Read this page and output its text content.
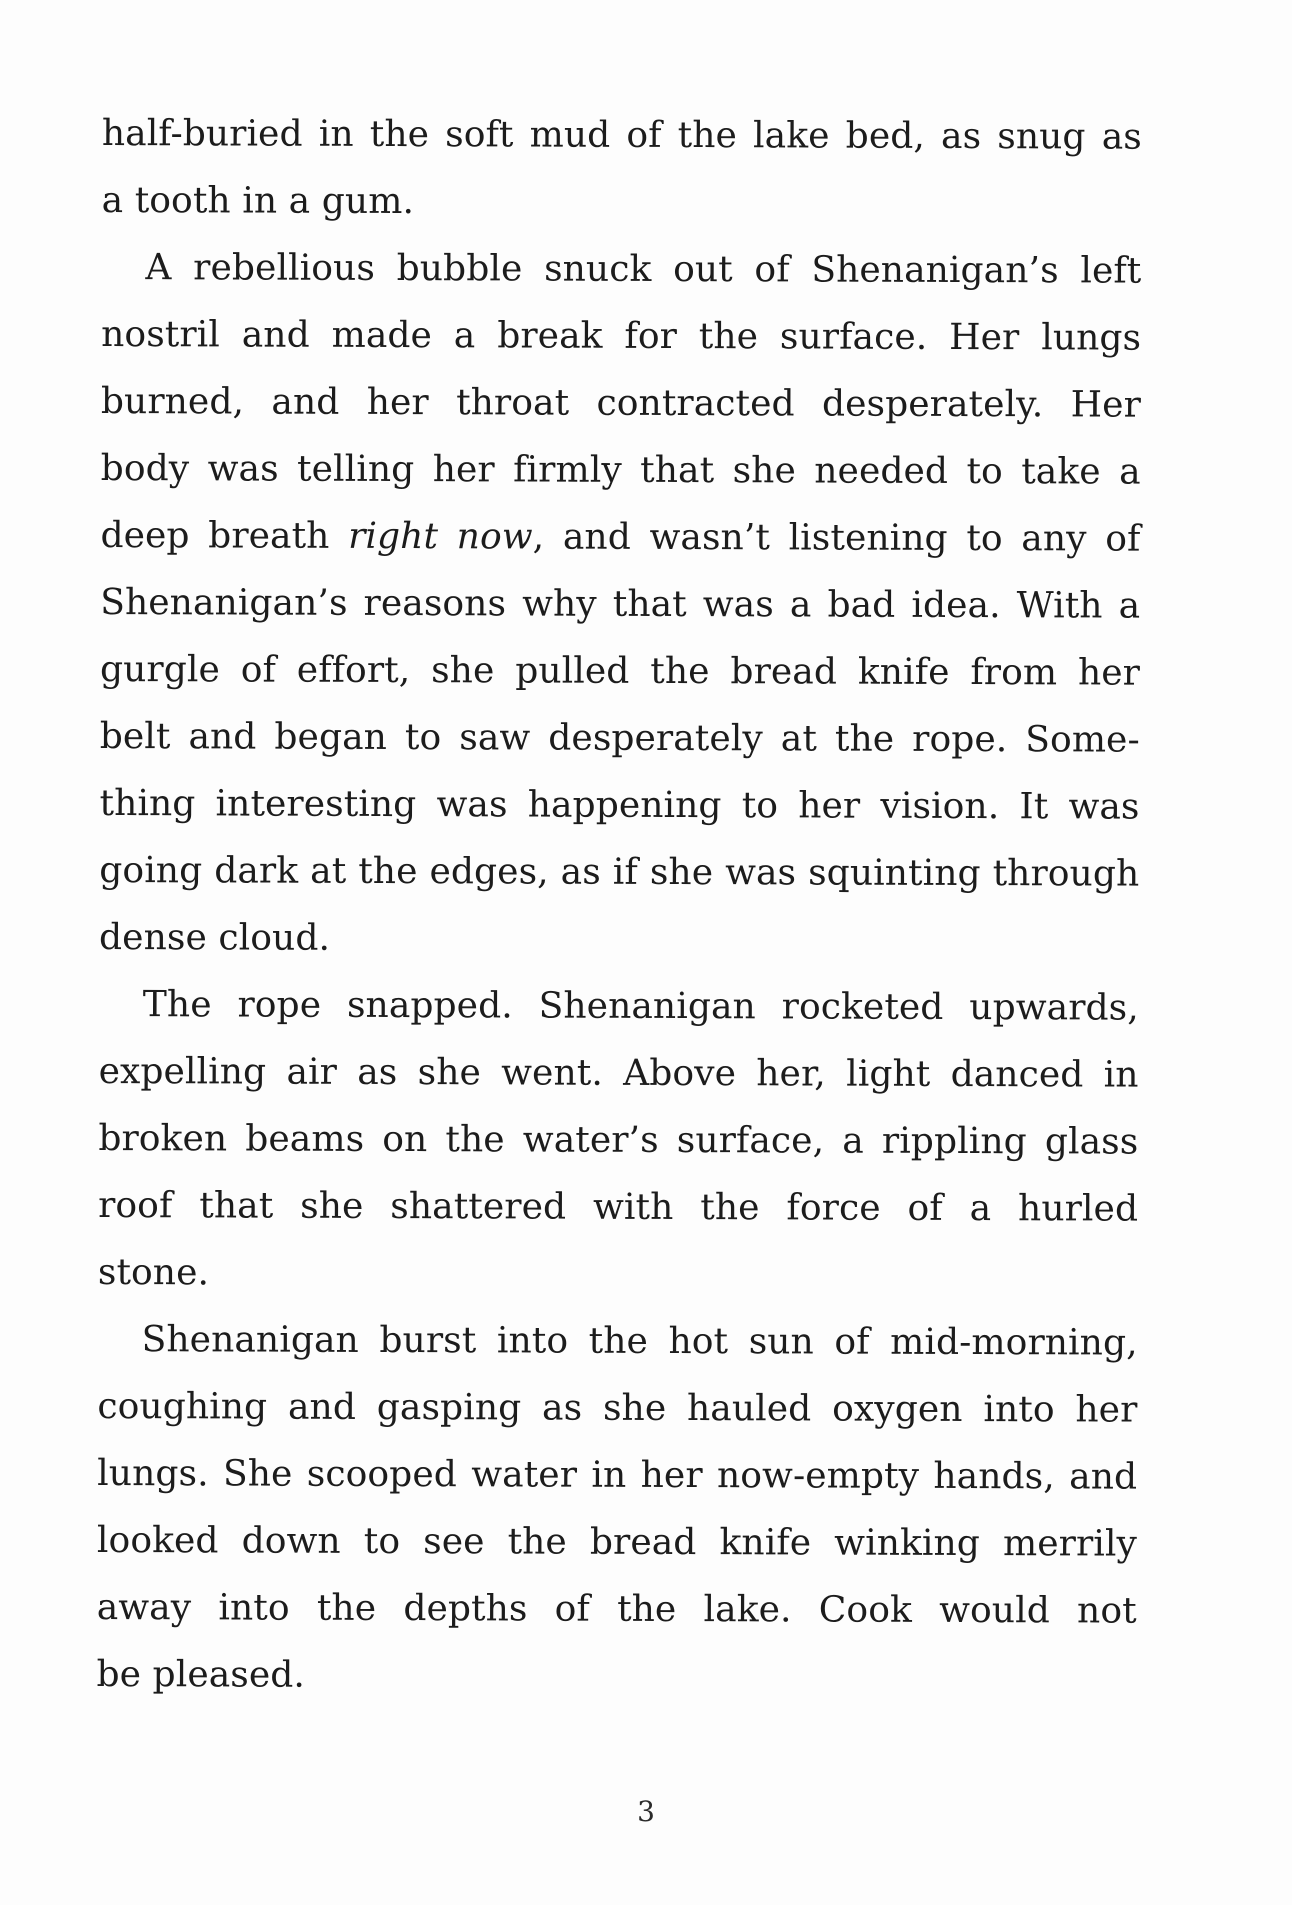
half-buried in the soft mud of the lake bed, as snug as
a tooth in a gum.
A rebellious bubble snuck out of Shenanigan’s left
nostril and made a break for the surface. Her lungs
burned, and her throat contracted desperately. Her
body was telling her firmly that she needed to take a
deep breath right now, and wasn’t listening to any of
Shenanigan’s reasons why that was a bad idea. With a
gurgle of effort, she pulled the bread knife from her
belt and began to saw desperately at the rope. Some-
thing interesting was happening to her vision. It was
going dark at the edges, as if she was squinting through
dense cloud.
The rope snapped. Shenanigan rocketed upwards,
expelling air as she went. Above her, light danced in
broken beams on the water’s surface, a rippling glass
roof that she shattered with the force of a hurled
stone.
Shenanigan burst into the hot sun of mid-morning,
coughing and gasping as she hauled oxygen into her
lungs. She scooped water in her now-empty hands, and
looked down to see the bread knife winking merrily
away into the depths of the lake. Cook would not
be pleased.
3
